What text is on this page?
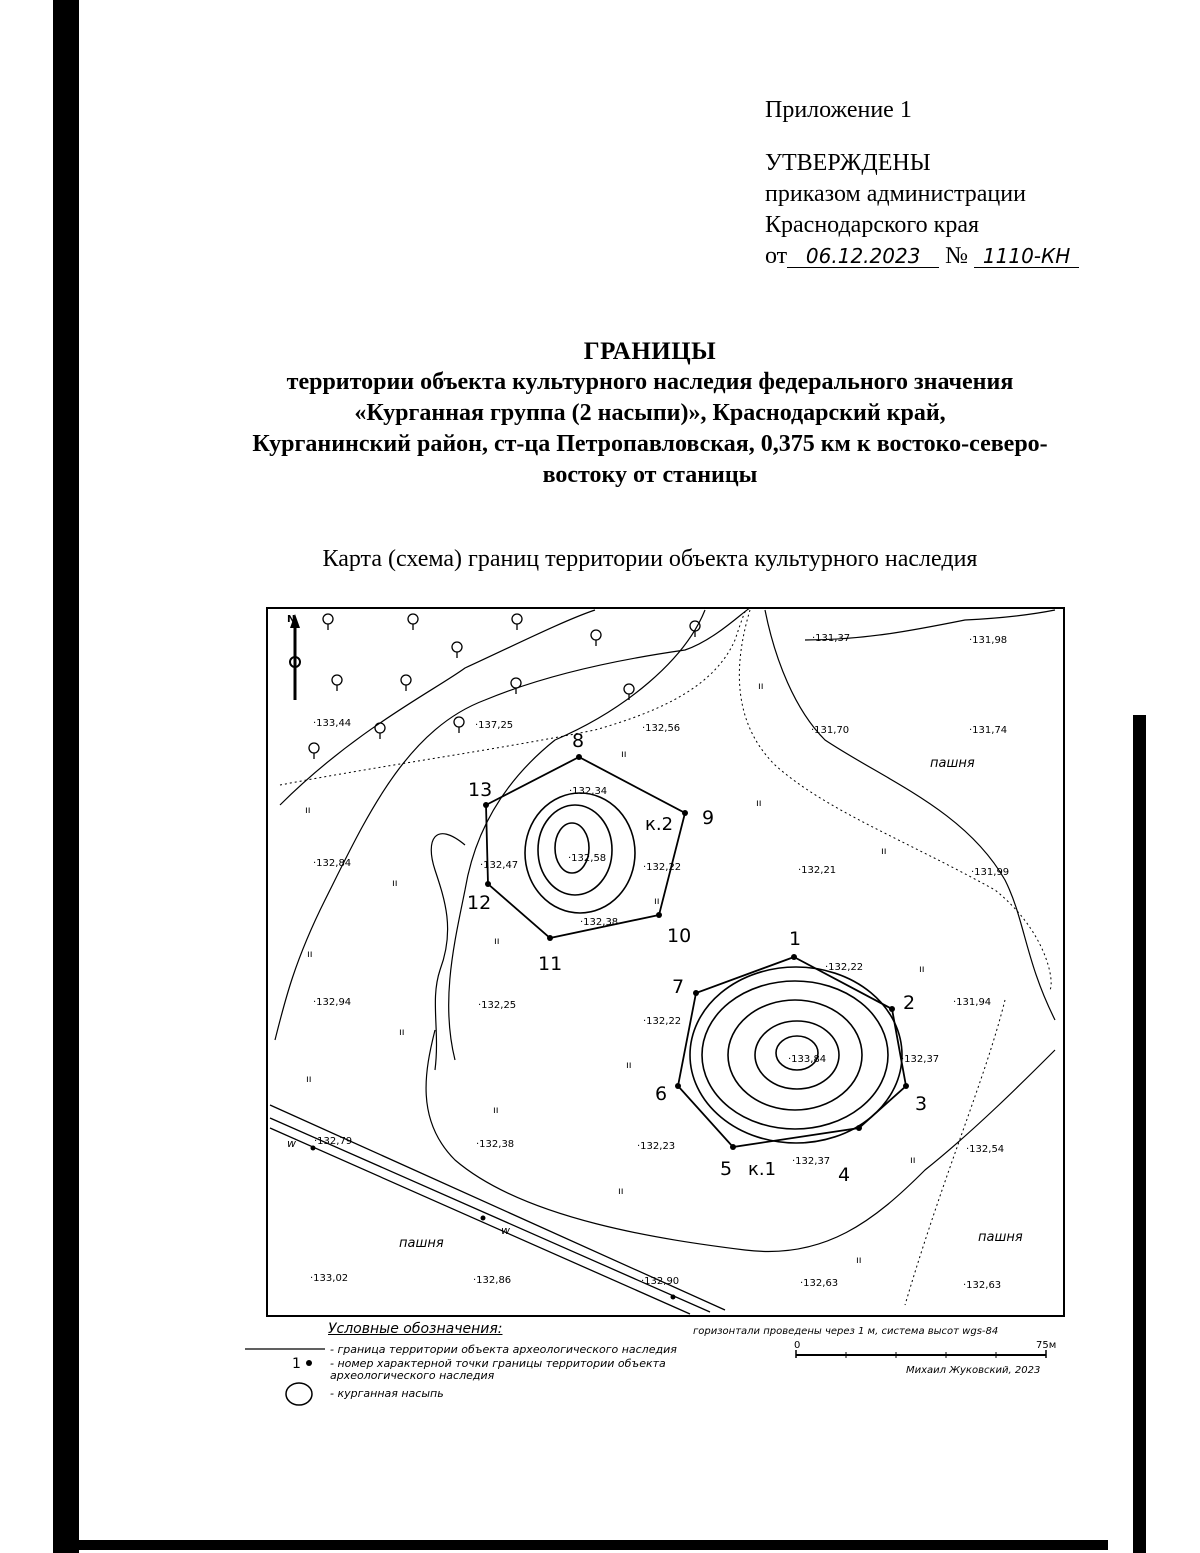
Приложение 1
УТВЕРЖДЕНЫ
приказом администрации
Краснодарского края
от 06.12.2023 № 1110-КН
ГРАНИЦЫ
территории объекта культурного наследия федерального значения
«Курганная группа (2 насыпи)», Краснодарский край,
Курганинский район, ст-ца Петропавловская, 0,375 км к востоко-северо-
востоку от станицы
Карта (схема) границ территории объекта культурного наследия
N
1
2
3
4
5
6
7
8
9
10
11
12
13
к.2
к.1
пашня
пашня	пашня
w
w
ıı
ıı
ıı
ıı
ıı
ıı
ıı
ıı
ıı
ıı
ıı
ıı
ıı
ıı
ıı
ıı
ıı
·131,37	·131,98
·133,44	·137,25	·132,56	·131,70	·131,74
·132,34
·132,58
·132,47	·132,22
·132,38
·132,84
·132,21	·131,99
·132,22
·132,94	·132,25
·132,22
·131,94
·133,84	·132,37
·132,79	·132,38	·132,23
·132,37
·132,54
·133,02	·132,86	·132,90	·132,63	·132,63
Условные обозначения:
1
- граница территории объекта археологического наследия
- номер характерной точки границы территории объекта
археологического наследия
- курганная насыпь
горизонтали проведены через 1 м, система высот wgs-84
0	75м
Михаил Жуковский, 2023
